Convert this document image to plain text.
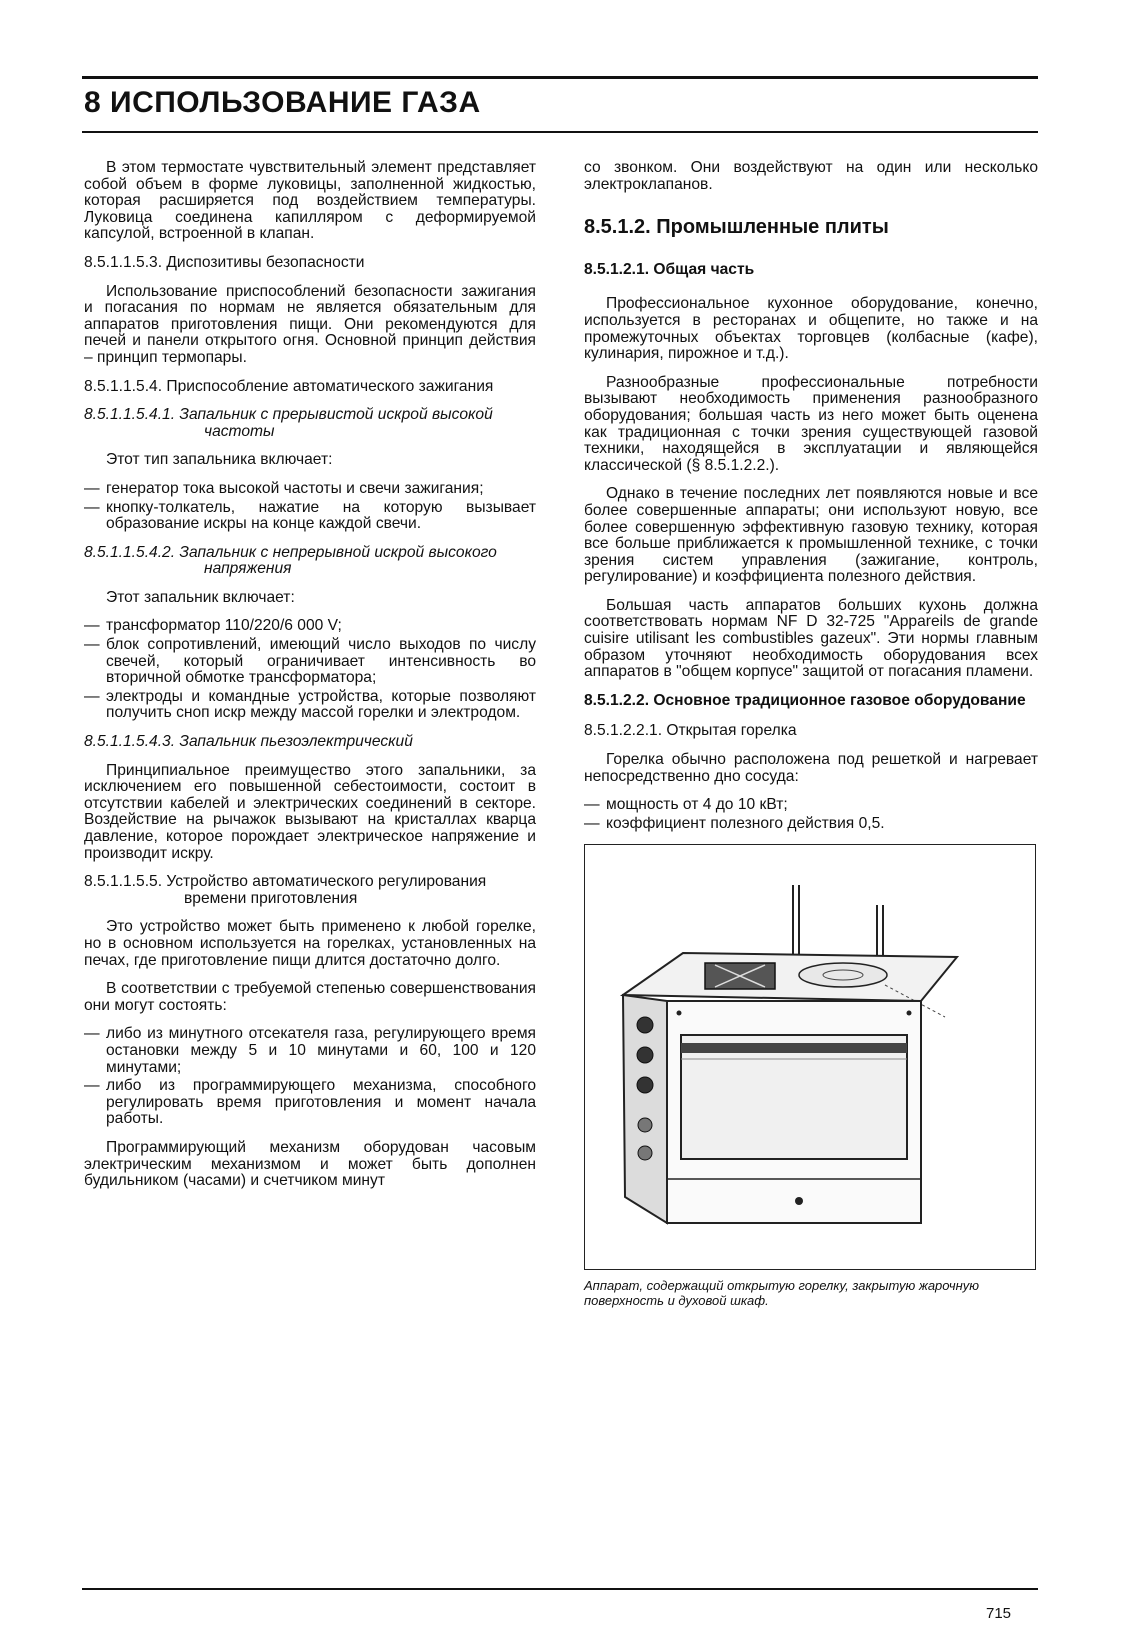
8 ИСПОЛЬЗОВАНИЕ ГАЗА

В этом термостате чувствительный элемент представляет собой объем в форме луковицы, заполненной жидкостью, которая расширяется под воздействием температуры. Луковица соединена капилляром с деформируемой капсулой, встроенной в клапан.

8.5.1.1.5.3. Диспозитивы безопасности

Использование приспособлений безопасности зажигания и погасания по нормам не является обязательным для аппаратов приготовления пищи. Они рекомендуются для печей и панели открытого огня. Основной принцип действия – принцип термопары.

8.5.1.1.5.4. Приспособление автоматического зажигания

8.5.1.1.5.4.1. Запальник с прерывистой искрой высокой частоты

Этот тип запальника включает:

— генератор тока высокой частоты и свечи зажигания;
— кнопку-толкатель, нажатие на которую вызывает образование искры на конце каждой свечи.

8.5.1.1.5.4.2. Запальник с непрерывной искрой высокого напряжения

Этот запальник включает:

— трансформатор 110/220/6 000 V;
— блок сопротивлений, имеющий число выходов по числу свечей, который ограничивает интенсивность во вторичной обмотке трансформатора;
— электроды и командные устройства, которые позволяют получить сноп искр между массой горелки и электродом.

8.5.1.1.5.4.3. Запальник пьезоэлектрический

Принципиальное преимущество этого запальники, за исключением его повышенной себестоимости, состоит в отсутствии кабелей и электрических соединений в секторе. Воздействие на рычажок вызывают на кристаллах кварца давление, которое порождает электрическое напряжение и производит искру.

8.5.1.1.5.5. Устройство автоматического регулирования времени приготовления

Это устройство может быть применено к любой горелке, но в основном используется на горелках, установленных на печах, где приготовление пищи длится достаточно долго.

В соответствии с требуемой степенью совершенствования они могут состоять:

— либо из минутного отсекателя газа, регулирующего время остановки между 5 и 10 минутами и 60, 100 и 120 минутами;
— либо из программирующего механизма, способного регулировать время приготовления и момент начала работы.

Программирующий механизм оборудован часовым электрическим механизмом и может быть дополнен будильником (часами) и счетчиком минут

со звонком. Они воздействуют на один или несколько электроклапанов.

8.5.1.2. Промышленные плиты
8.5.1.2.1. Общая часть

Профессиональное кухонное оборудование, конечно, используется в ресторанах и общепите, но также и на промежуточных объектах торговцев (колбасные (кафе), кулинария, пирожное и т.д.).

Разнообразные профессиональные потребности вызывают необходимость применения разнообразного оборудования; большая часть из него может быть оценена как традиционная с точки зрения существующей газовой техники, находящейся в эксплуатации и являющейся классической (§ 8.5.1.2.2.).

Однако в течение последних лет появляются новые и все более совершенные аппараты; они используют новую, все более совершенную эффективную газовую технику, которая все больше приближается к промышленной технике, с точки зрения систем управления (зажигание, контроль, регулирование) и коэффициента полезного действия.

Большая часть аппаратов больших кухонь должна соответствовать нормам NF D 32-725 "Appareils de grande cuisire utilisant les combustibles gazeux". Эти нормы главным образом уточняют необходимость оборудования всех аппаратов в "общем корпусе" защитой от погасания пламени.

8.5.1.2.2. Основное традиционное газовое оборудование

8.5.1.2.2.1. Открытая горелка

Горелка обычно расположена под решеткой и нагревает непосредственно дно сосуда:

— мощность от 4 до 10 кВт;
— коэффициент полезного действия 0,5.

Аппарат, содержащий открытую горелку, закрытую жарочную поверхность и духовой шкаф.

715
